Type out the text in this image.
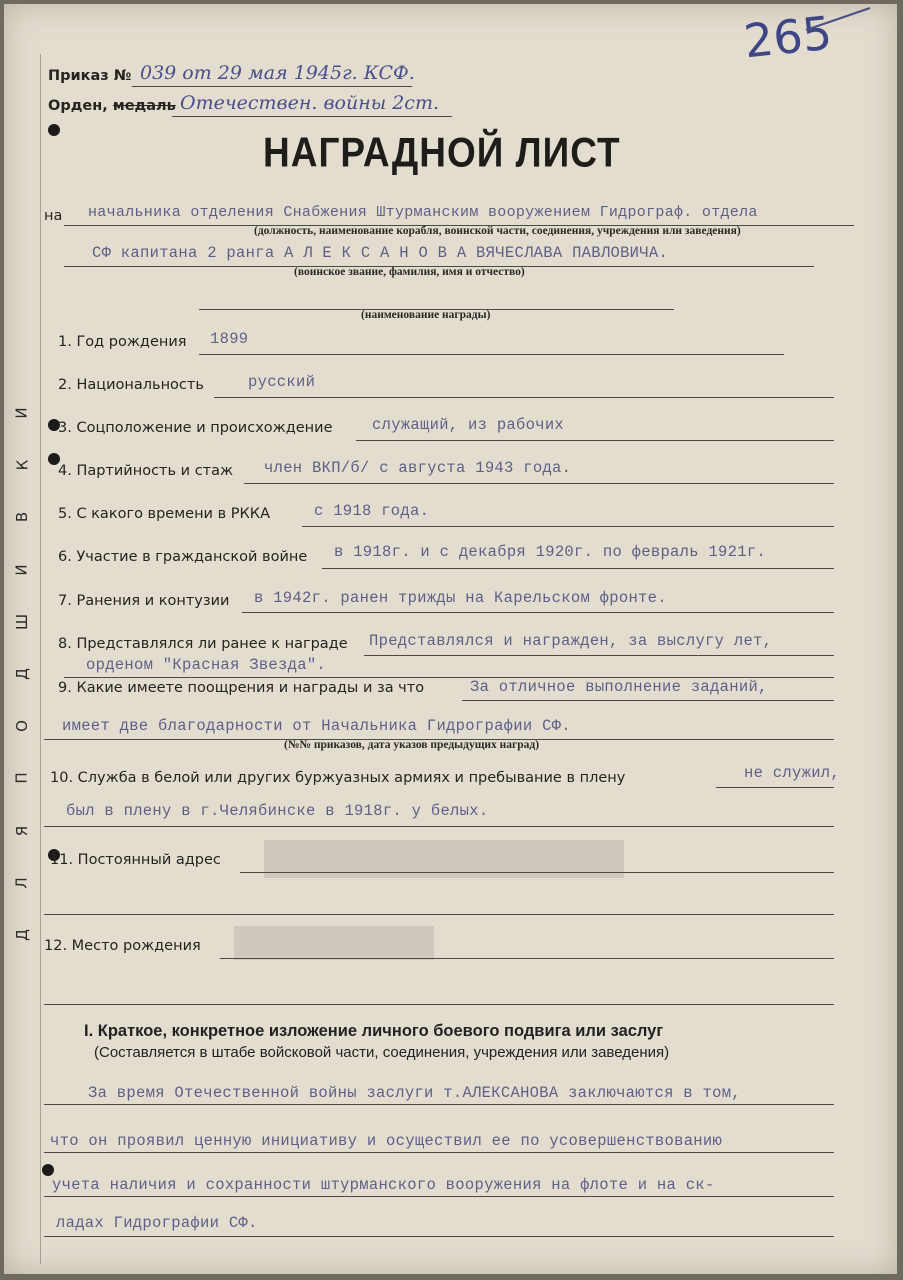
И
К
В
И
Ш
Д
О
П
Я
Л
Д
265
Приказ № 039 от 29 мая 1945г. КСФ.
Орден, медаль Отечествен. войны 2ст.
НАГРАДНОЙ ЛИСТ
на начальника отделения Снабжения Штурманским вооружением Гидрограф. отдела
(должность, наименование корабля, воинской части, соединения, учреждения или заведения)
СФ капитана 2 ранга А Л Е К С А Н О В А ВЯЧЕСЛАВА ПАВЛОВИЧА.
(воинское звание, фамилия, имя и отчество)
(наименование награды)
1. Год рождения 1899
2. Национальность	русский
3. Соцположение и происхождение	служащий, из рабочих
4. Партийность и стаж член ВКП/б/ с августа 1943 года.
5. С какого времени в РККА	с 1918 года.
6. Участие в гражданской войне в 1918г. и с декабря 1920г. по февраль 1921г.
7. Ранения и контузии в 1942г. ранен трижды на Карельском фронте.
8. Представлялся ли ранее к награде Представлялся и награжден, за выслугу лет,
орденом "Красная Звезда".
9. Какие имеете поощрения и награды и за что	За отличное выполнение заданий,
имеет две благодарности от Начальника Гидрографии СФ.
(№№ приказов, дата указов предыдущих наград)
10. Служба в белой или других буржуазных армиях и пребывание в плену	не служил,
был в плену в г.Челябинске в 1918г. у белых.
11. Постоянный адрес
12. Место рождения
I. Краткое, конкретное изложение личного боевого подвига или заслуг
(Составляется в штабе войсковой части, соединения, учреждения или заведения)
За время Отечественной войны заслуги т.АЛЕКСАНОВА заключаются в том,
что он проявил ценную инициативу и осуществил ее по усовершенствованию
учета наличия и сохранности штурманского вооружения на флоте и на ск-
ладах Гидрографии СФ.
